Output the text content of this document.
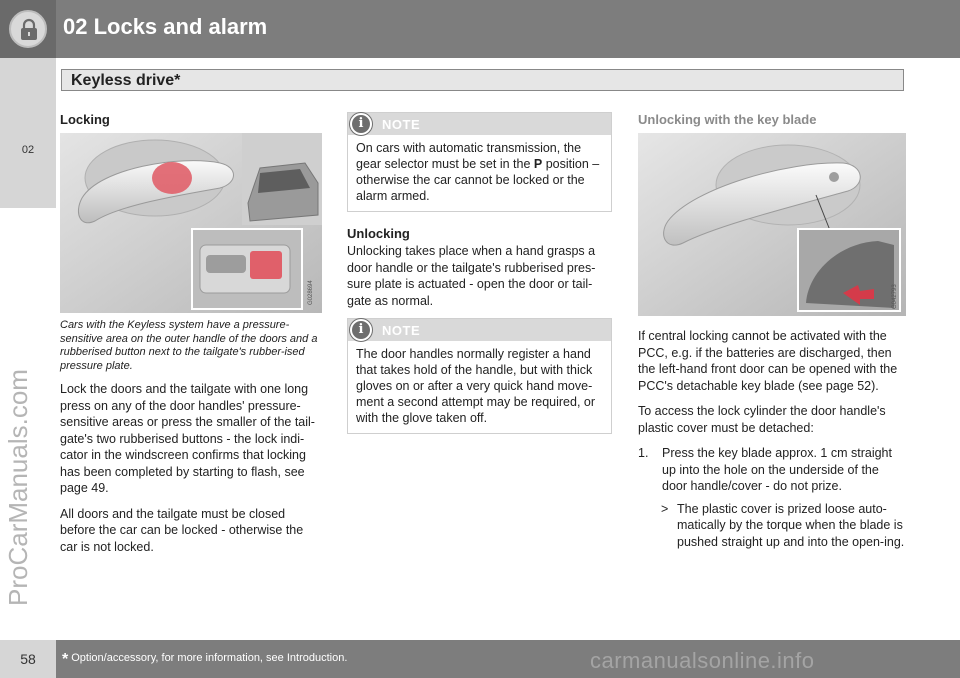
02 Locks and alarm
Keyless drive*
02
ProCarManuals.com
Locking
G028694

Cars with the Keyless system have a pressure-sensitive area on the outer handle of the doors and a rubberised button next to the tailgate's rubber-ised pressure plate.

Lock the doors and the tailgate with one long press on any of the door handles' pressure-sensitive areas or press the smaller of the tail-gate's two rubberised buttons - the lock indi-cator in the windscreen confirms that locking has been completed by starting to flash, see page 49.

All doors and the tailgate must be closed before the car can be locked - otherwise the car is not locked.

i	NOTE
On cars with automatic transmission, the gear selector must be set in the P position – otherwise the car cannot be locked or the alarm armed.
Unlocking

Unlocking takes place when a hand grasps a door handle or the tailgate's rubberised pres-sure plate is actuated - open the door or tail-gate as normal.

i	NOTE
The door handles normally register a hand that takes hold of the handle, but with thick gloves on or after a very quick hand move-ment a second attempt may be required, or with the glove taken off.
Unlocking with the key blade
G042793

If central locking cannot be activated with the PCC, e.g. if the batteries are discharged, then the left-hand front door can be opened with the PCC's detachable key blade (see page 52).

To access the lock cylinder the door handle's plastic cover must be detached:

1. Press the key blade approx. 1 cm straight up into the hole on the underside of the door handle/cover - do not prize.
> The plastic cover is prized loose auto-matically by the torque when the blade is pushed straight up and into the open-ing.
58	* Option/accessory, for more information, see Introduction.	carmanualsonline.info
